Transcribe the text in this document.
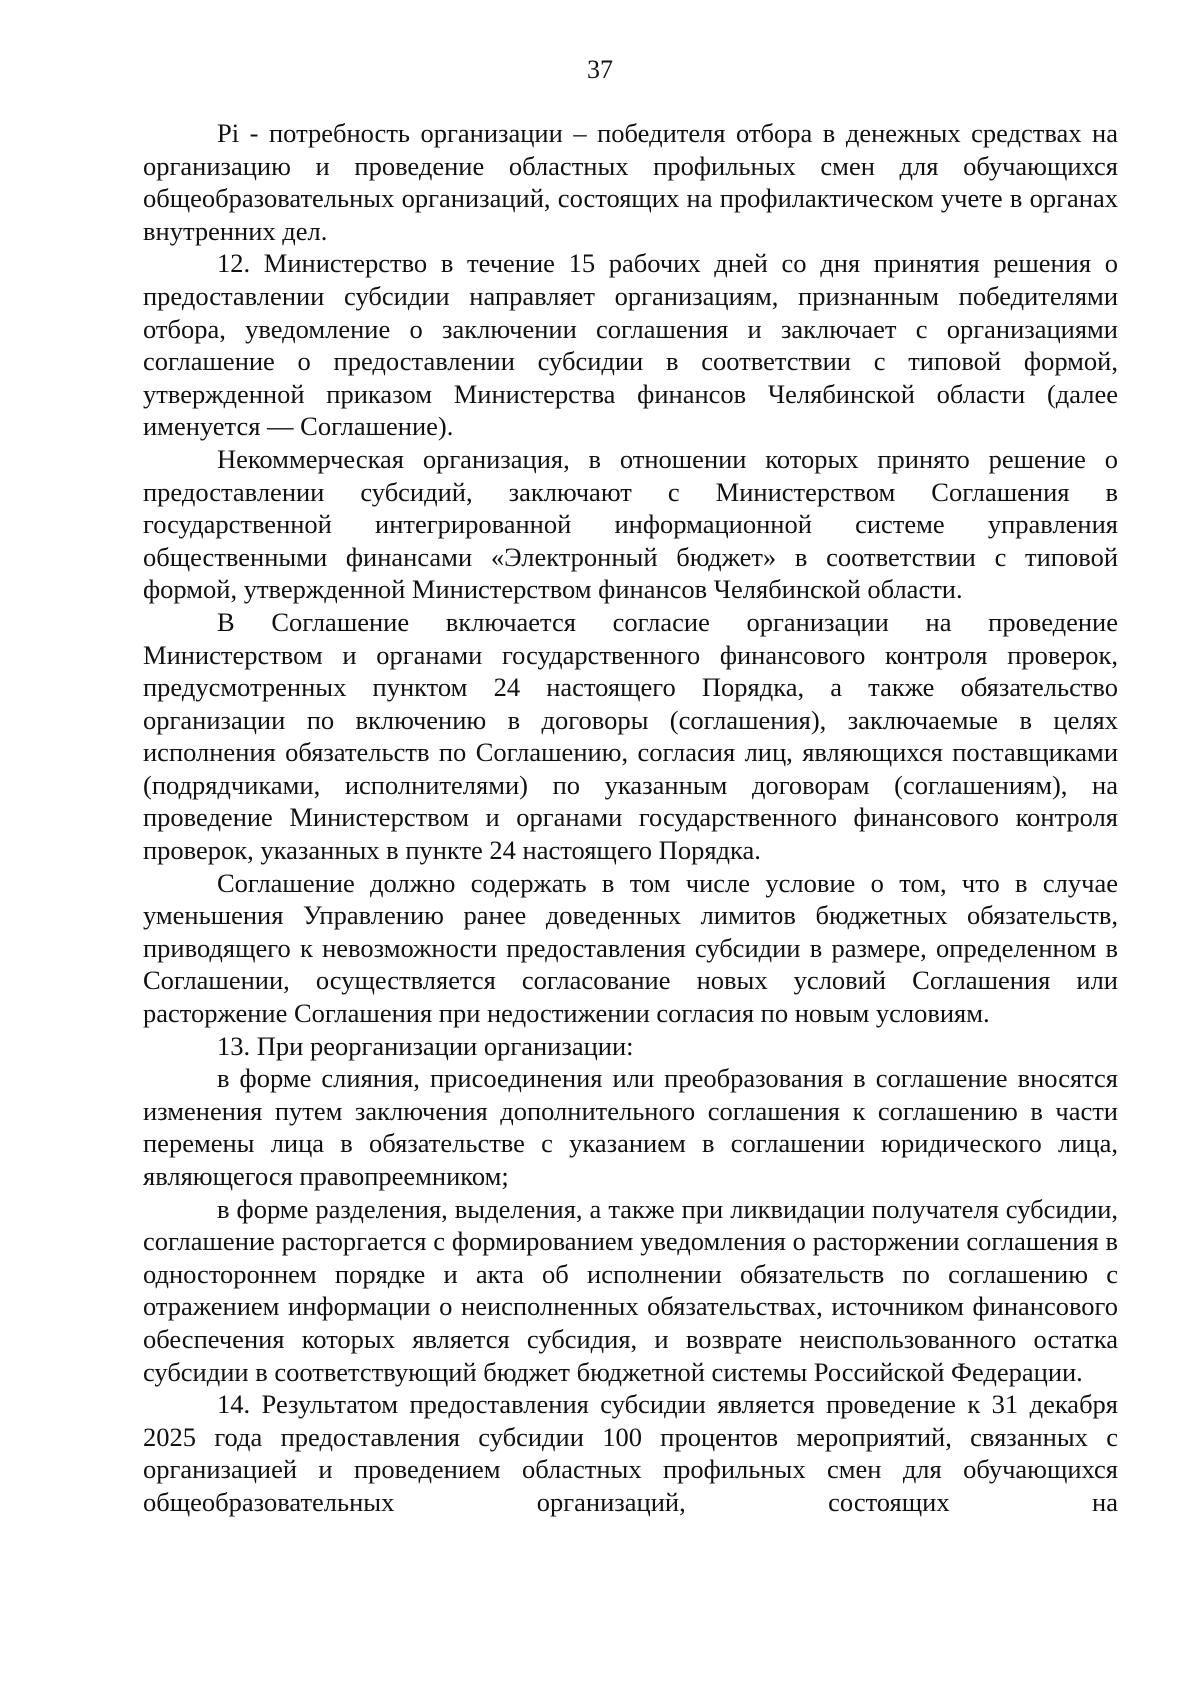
37

Pi - потребность организации – победителя отбора в денежных средствах на организацию и проведение областных профильных смен для обучающихся общеобразовательных организаций, состоящих на профилактическом учете в органах внутренних дел.

12. Министерство в течение 15 рабочих дней со дня принятия решения о предоставлении субсидии направляет организациям, признанным победителями отбора, уведомление о заключении соглашения и заключает с организациями соглашение о предоставлении субсидии в соответствии с типовой формой, утвержденной приказом Министерства финансов Челябинской области (далее именуется — Соглашение).

Некоммерческая организация, в отношении которых принято решение о предоставлении субсидий, заключают с Министерством Соглашения в государственной интегрированной информационной системе управления общественными финансами «Электронный бюджет» в соответствии с типовой формой, утвержденной Министерством финансов Челябинской области.

В Соглашение включается согласие организации на проведение Министерством и органами государственного финансового контроля проверок, предусмотренных пунктом 24 настоящего Порядка, а также обязательство организации по включению в договоры (соглашения), заключаемые в целях исполнения обязательств по Соглашению, согласия лиц, являющихся поставщиками (подрядчиками, исполнителями) по указанным договорам (соглашениям), на проведение Министерством и органами государственного финансового контроля проверок, указанных в пункте 24 настоящего Порядка.

Соглашение должно содержать в том числе условие о том, что в случае уменьшения Управлению ранее доведенных лимитов бюджетных обязательств, приводящего к невозможности предоставления субсидии в размере, определенном в Соглашении, осуществляется согласование новых условий Соглашения или расторжение Соглашения при недостижении согласия по новым условиям.

13. При реорганизации организации:

в форме слияния, присоединения или преобразования в соглашение вносятся изменения путем заключения дополнительного соглашения к соглашению в части перемены лица в обязательстве с указанием в соглашении юридического лица, являющегося правопреемником;

в форме разделения, выделения, а также при ликвидации получателя субсидии, соглашение расторгается с формированием уведомления о расторжении соглашения в одностороннем порядке и акта об исполнении обязательств по соглашению с отражением информации о неисполненных обязательствах, источником финансового обеспечения которых является субсидия, и возврате неиспользованного остатка субсидии в соответствующий бюджет бюджетной системы Российской Федерации.

14. Результатом предоставления субсидии является проведение к 31 декабря 2025 года предоставления субсидии 100 процентов мероприятий, связанных с организацией и проведением областных профильных смен для обучающихся общеобразовательных организаций, состоящих на
